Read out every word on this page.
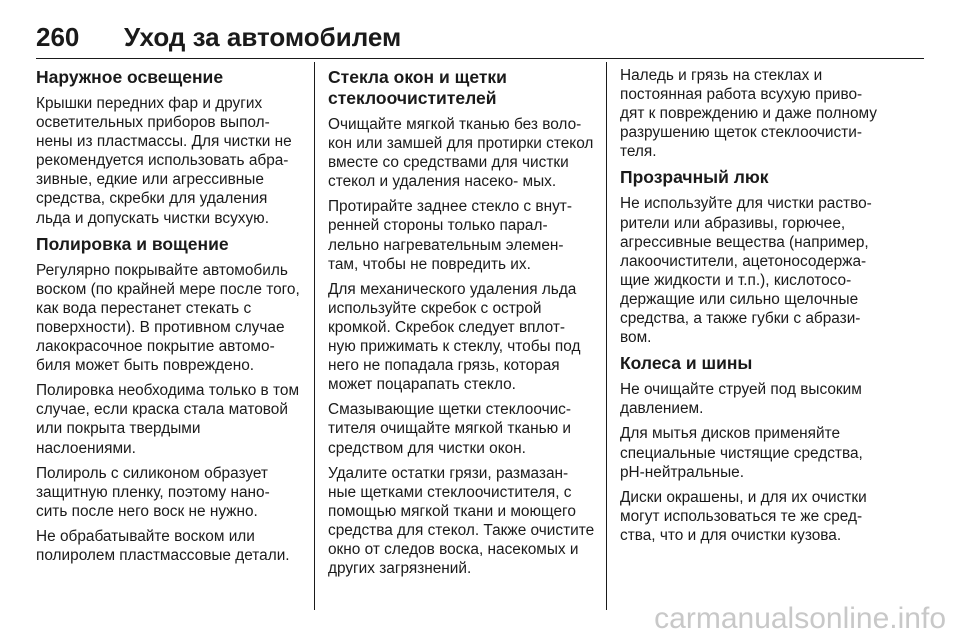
260 Уход за автомобилем
Наружное освещение

Крышки передних фар и других осветительных приборов выпол- нены из пластмассы. Для чистки не рекомендуется использовать абра- зивные, едкие или агрессивные средства, скребки для удаления льда и допускать чистки всухую.

Полировка и вощение

Регулярно покрывайте автомобиль воском (по крайней мере после того, как вода перестанет стекать с поверхности). В противном случае лакокрасочное покрытие автомо- биля может быть повреждено.

Полировка необходима только в том случае, если краска стала матовой или покрыта твердыми наслоениями.

Полироль с силиконом образует защитную пленку, поэтому нано- сить после него воск не нужно.

Не обрабатывайте воском или полиролем пластмассовые детали.

Стекла окон и щетки стеклоочистителей

Очищайте мягкой тканью без воло- кон или замшей для протирки стекол вместе со средствами для чистки стекол и удаления насеко- мых.

Протирайте заднее стекло с внут- ренней стороны только парал- лельно нагревательным элемен- там, чтобы не повредить их.

Для механического удаления льда используйте скребок с острой кромкой. Скребок следует вплот- ную прижимать к стеклу, чтобы под него не попадала грязь, которая может поцарапать стекло.

Смазывающие щетки стеклоочис- тителя очищайте мягкой тканью и средством для чистки окон.

Удалите остатки грязи, размазан- ные щетками стеклоочистителя, с помощью мягкой ткани и моющего средства для стекол. Также очистите окно от следов воска, насекомых и других загрязнений.

Наледь и грязь на стеклах и постоянная работа всухую приво- дят к повреждению и даже полному разрушению щеток стеклоочисти- теля.

Прозрачный люк

Не используйте для чистки раство- рители или абразивы, горючее, агрессивные вещества (например, лакоочистители, ацетоносодержа- щие жидкости и т.п.), кислотосо- держащие или сильно щелочные средства, а также губки с абрази- вом.

Колеса и шины

Не очищайте струей под высоким давлением.

Для мытья дисков применяйте специальные чистящие средства, pH-нейтральные.

Диски окрашены, и для их очистки могут использоваться те же сред- ства, что и для очистки кузова.

carmanualsonline.info
